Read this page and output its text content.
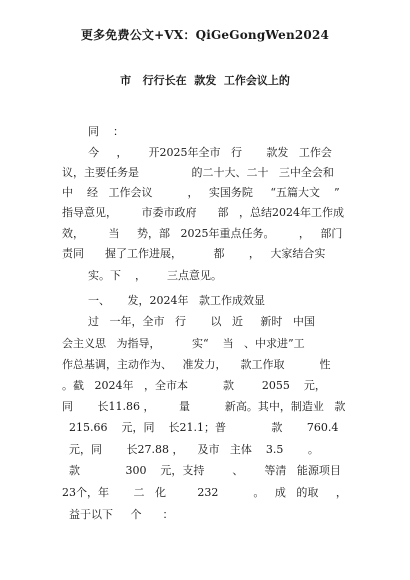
更多免费公文+VX：QiGeGongWen2024
市   行行长在  款发  工作会议上的
同    ：
今     ，      开2025年全市   行       款发   工作会
议，主要任务是               的二十大、二十   三中全会和
中    经   工作会议          ，   实国务院     “五篇大文    ”
指导意见，       市委市政府      部   ，总结2024年工作成
效，       当     势，部   2025年重点任务。       ，   部门
责同      握了工作进展，         都       ，   大家结合实
实。下    ，      三点意见。
一、     发，2024年   款工作成效显
过   一年，全市   行       以   近     新时   中国
会主义思   为指导，         实“    当   、中求进”工
作总基调，主动作为、   准发力，    款工作取          性
。截   2024年   ，全市本          款        2055    元，
同       长11.86 ，       量          新高。其中，制造业   款
215.66    元，同    长21.1；普             款       760.4
元，同       长27.88 ，    及市   主体    3.5       。
款             300    元，支持        、      等清   能源项目
23个，年       二   化         232          。   成   的取     ，
益于以下     个      ：
